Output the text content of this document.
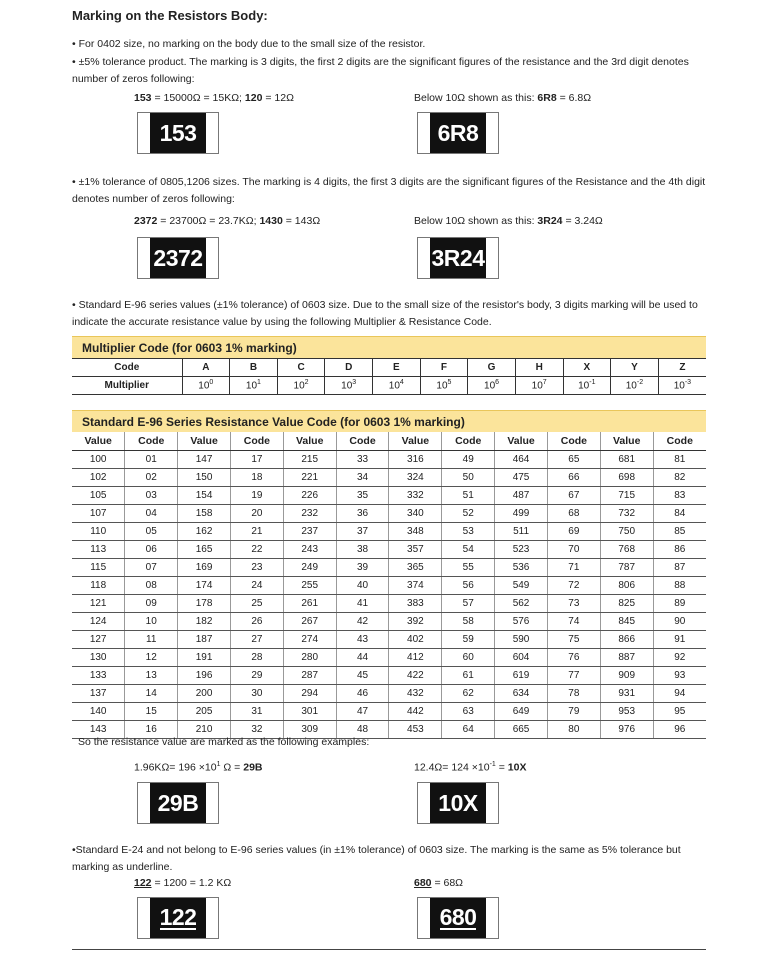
Marking on the Resistors Body:
• For 0402 size, no marking on the body due to the small size of the resistor.
• ±5% tolerance product. The marking is 3 digits, the first 2 digits are the significant figures of the resistance and the 3rd digit denotes number of zeros following:
153 = 15000Ω = 15KΩ; 120 = 12Ω	Below 10Ω shown as this: 6R8 = 6.8Ω
153	6R8
• ±1% tolerance of 0805,1206 sizes. The marking is 4 digits, the first 3 digits are the significant figures of the Resistance and the 4th digit denotes number of zeros following:
2372 = 23700Ω = 23.7KΩ; 1430 = 143Ω	Below 10Ω shown as this: 3R24 = 3.24Ω
2372	3R24
• Standard E-96 series values (±1% tolerance) of 0603 size. Due to the small size of the resistor's body, 3 digits marking will be used to indicate the accurate resistance value by using the following Multiplier & Resistance Code.
Multiplier Code (for 0603 1% marking)
Code	A	B	C	D	E	F	G	H	X	Y	Z
Multiplier	$10^0$	$10^1$	$10^2$	$10^3$	$10^4$	$10^5$	$10^6$	$10^7$	$10^{-1}$	$10^{-2}$	$10^{-3}$
Standard E-96 Series Resistance Value Code (for 0603 1% marking)
Value	Code	Value	Code	Value	Code	Value	Code	Value	Code	Value	Code
100	01	147	17	215	33	316	49	464	65	681	81
102	02	150	18	221	34	324	50	475	66	698	82
105	03	154	19	226	35	332	51	487	67	715	83
107	04	158	20	232	36	340	52	499	68	732	84
110	05	162	21	237	37	348	53	511	69	750	85
113	06	165	22	243	38	357	54	523	70	768	86
115	07	169	23	249	39	365	55	536	71	787	87
118	08	174	24	255	40	374	56	549	72	806	88
121	09	178	25	261	41	383	57	562	73	825	89
124	10	182	26	267	42	392	58	576	74	845	90
127	11	187	27	274	43	402	59	590	75	866	91
130	12	191	28	280	44	412	60	604	76	887	92
133	13	196	29	287	45	422	61	619	77	909	93
137	14	200	30	294	46	432	62	634	78	931	94
140	15	205	31	301	47	442	63	649	79	953	95
143	16	210	32	309	48	453	64	665	80	976	96
So the resistance value are marked as the following examples:
$1.96K\Omega= 196 \times 10^1$ Ω = 29B	$12.4\Omega= 124 \times 10^{-1} = 10X$
29B	10X
•Standard E-24 and not belong to E-96 series values (in ±1% tolerance) of 0603 size. The marking is the same as 5% tolerance but marking as underline.
122 = 1200 = 1.2 KΩ	680 = 68Ω
122	680
